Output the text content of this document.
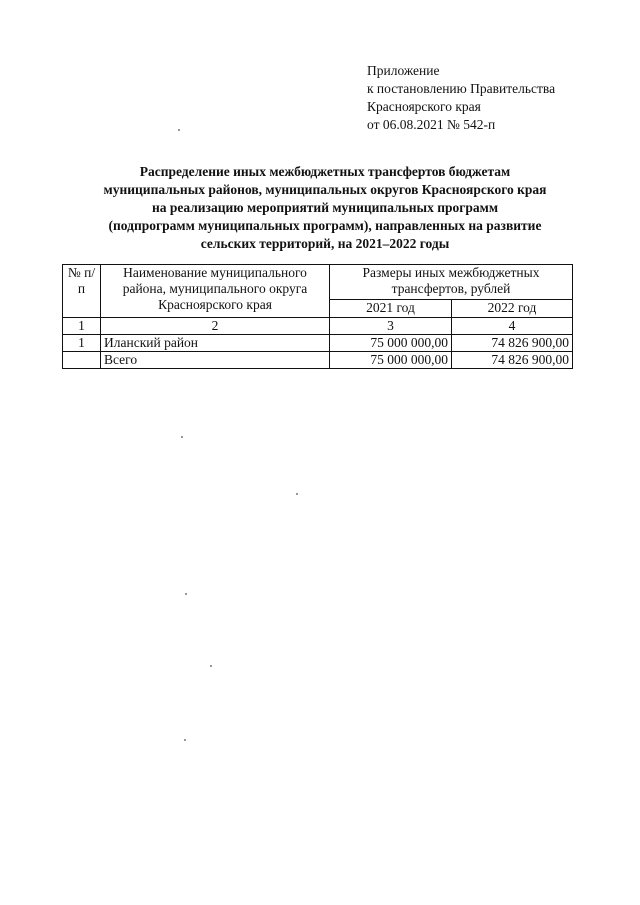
Приложение
к постановлению Правительства
Красноярского края
от 06.08.2021 № 542-п
Распределение иных межбюджетных трансфертов бюджетам
муниципальных районов, муниципальных округов Красноярского края
на реализацию мероприятий муниципальных программ
(подпрограмм муниципальных программ), направленных на развитие
сельских территорий, на 2021–2022 годы
№ п/п	Наименование муниципального района, муниципального округа Красноярского края	Размеры иных межбюджетных трансфертов, рублей	
		2021 год	2022 год
1	2	3	4
1	Иланский район	75 000 000,00	74 826 900,00
	Всего	75 000 000,00	74 826 900,00
